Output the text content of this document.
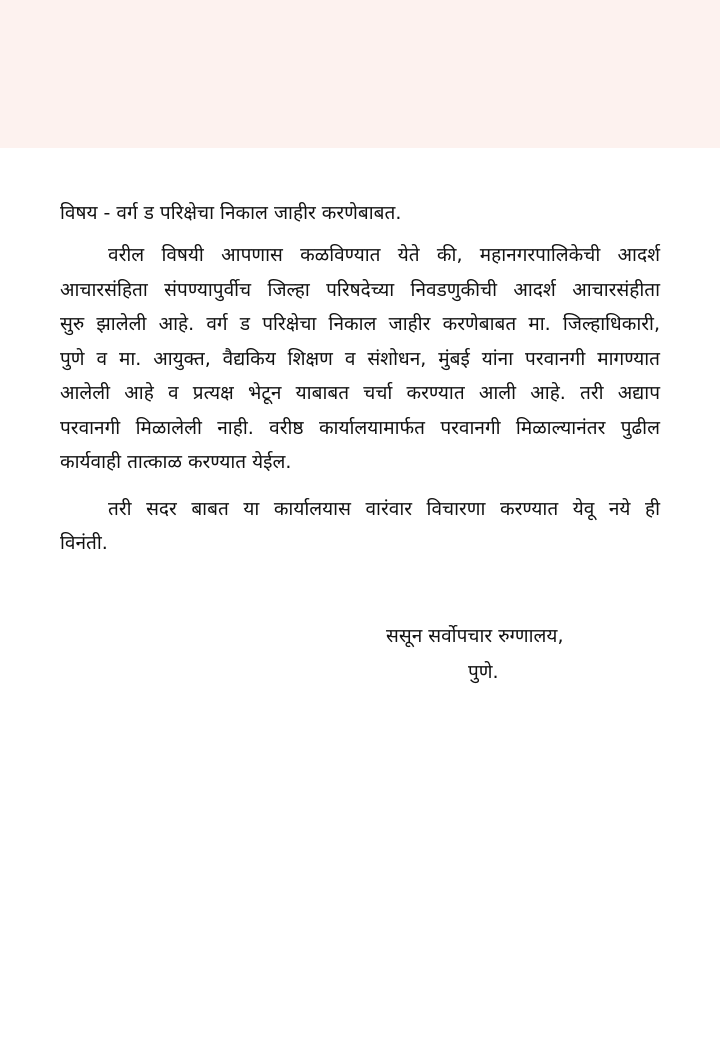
विषय - वर्ग ड परिक्षेचा निकाल जाहीर करणेबाबत.

वरील विषयी आपणास कळविण्यात येते की, महानगरपालिकेची आदर्श
आचारसंहिता संपण्यापुर्वीच जिल्हा परिषदेच्या निवडणुकीची आदर्श आचारसंहीता
सुरु झालेली आहे. वर्ग ड परिक्षेचा निकाल जाहीर करणेबाबत मा. जिल्हाधिकारी,
पुणे व मा. आयुक्त, वैद्यकिय शिक्षण व संशोधन, मुंबई यांना परवानगी मागण्यात
आलेली आहे व प्रत्यक्ष भेटून याबाबत चर्चा करण्यात आली आहे. तरी अद्याप
परवानगी मिळालेली नाही. वरीष्ठ कार्यालयामार्फत परवानगी मिळाल्यानंतर पुढील
कार्यवाही तात्काळ करण्यात येईल.

तरी सदर बाबत या कार्यालयास वारंवार विचारणा करण्यात येवू नये ही
विनंती.

ससून सर्वोपचार रुग्णालय,
पुणे.
